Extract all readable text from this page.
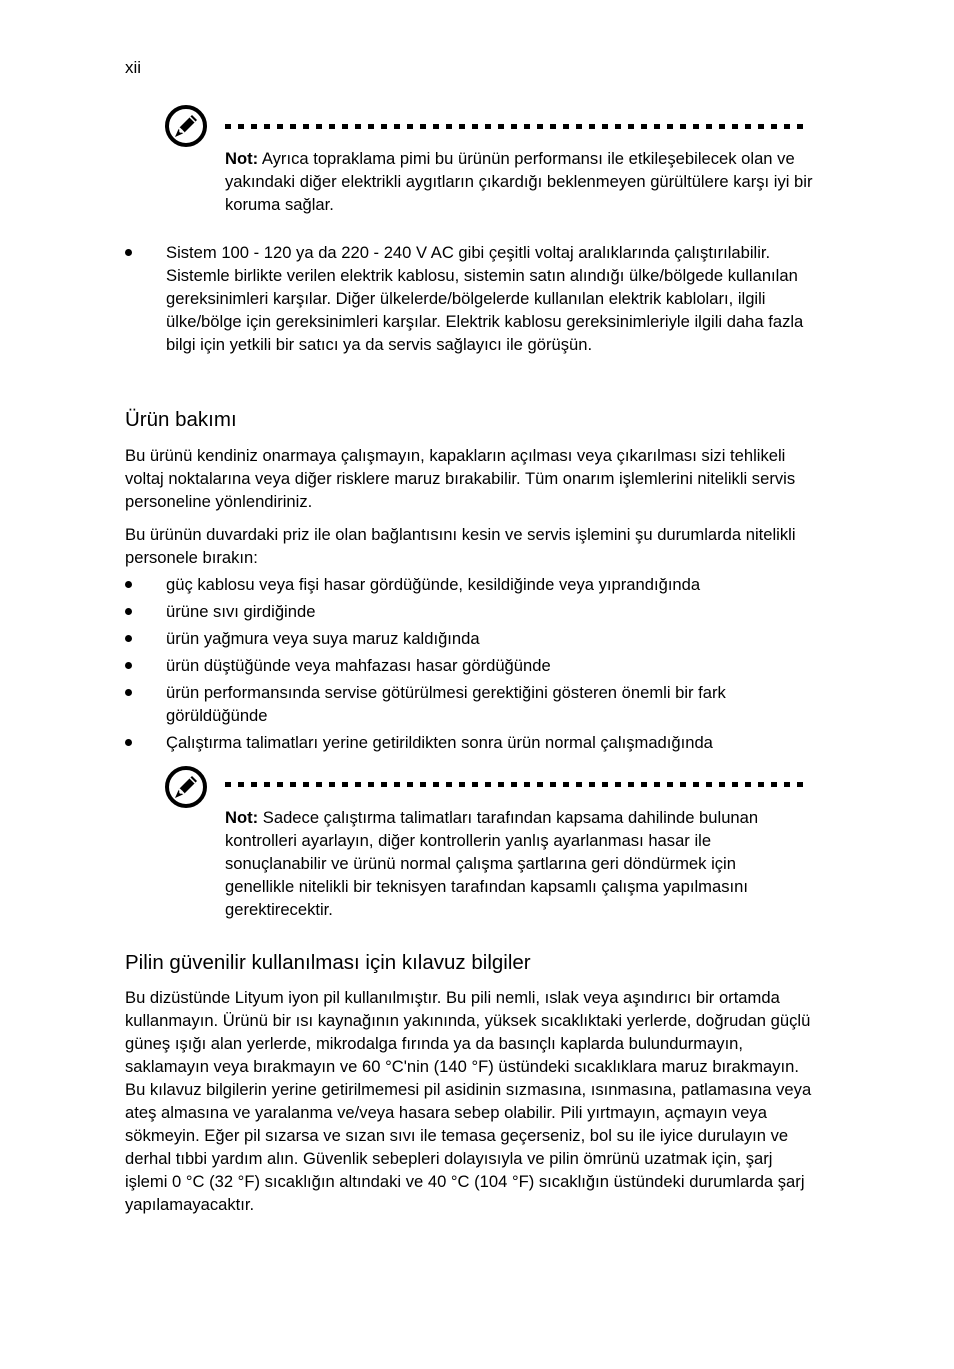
xii

Not: Ayrıca topraklama pimi bu ürünün performansı ile etkileşebilecek olan ve yakındaki diğer elektrikli aygıtların çıkardığı beklenmeyen gürültülere karşı iyi bir koruma sağlar.

Sistem 100 - 120 ya da 220 - 240 V AC gibi çeşitli voltaj aralıklarında çalıştırılabilir. Sistemle birlikte verilen elektrik kablosu, sistemin satın alındığı ülke/bölgede kullanılan gereksinimleri karşılar. Diğer ülkelerde/bölgelerde kullanılan elektrik kabloları, ilgili ülke/bölge için gereksinimleri karşılar. Elektrik kablosu gereksinimleriyle ilgili daha fazla bilgi için yetkili bir satıcı ya da servis sağlayıcı ile görüşün.
Ürün bakımı

Bu ürünü kendiniz onarmaya çalışmayın, kapakların açılması veya çıkarılması sizi tehlikeli voltaj noktalarına veya diğer risklere maruz bırakabilir. Tüm onarım işlemlerini nitelikli servis personeline yönlendiriniz.

Bu ürünün duvardaki priz ile olan bağlantısını kesin ve servis işlemini şu durumlarda nitelikli personele bırakın:

güç kablosu veya fişi hasar gördüğünde, kesildiğinde veya yıprandığında
ürüne sıvı girdiğinde
ürün yağmura veya suya maruz kaldığında
ürün düştüğünde veya mahfazası hasar gördüğünde
ürün performansında servise götürülmesi gerektiğini gösteren önemli bir fark görüldüğünde
Çalıştırma talimatları yerine getirildikten sonra ürün normal çalışmadığında

Not: Sadece çalıştırma talimatları tarafından kapsama dahilinde bulunan kontrolleri ayarlayın, diğer kontrollerin yanlış ayarlanması hasar ile sonuçlanabilir ve ürünü normal çalışma şartlarına geri döndürmek için genellikle nitelikli bir teknisyen tarafından kapsamlı çalışma yapılmasını gerektirecektir.

Pilin güvenilir kullanılması için kılavuz bilgiler

Bu dizüstünde Lityum iyon pil kullanılmıştır. Bu pili nemli, ıslak veya aşındırıcı bir ortamda kullanmayın. Ürünü bir ısı kaynağının yakınında, yüksek sıcaklıktaki yerlerde, doğrudan güçlü güneş ışığı alan yerlerde, mikrodalga fırında ya da basınçlı kaplarda bulundurmayın, saklamayın veya bırakmayın ve 60 °C'nin (140 °F) üstündeki sıcaklıklara maruz bırakmayın. Bu kılavuz bilgilerin yerine getirilmemesi pil asidinin sızmasına, ısınmasına, patlamasına veya ateş almasına ve yaralanma ve/veya hasara sebep olabilir. Pili yırtmayın, açmayın veya sökmeyin. Eğer pil sızarsa ve sızan sıvı ile temasa geçerseniz, bol su ile iyice durulayın ve derhal tıbbi yardım alın. Güvenlik sebepleri dolayısıyla ve pilin ömrünü uzatmak için, şarj işlemi 0 °C (32 °F) sıcaklığın altındaki ve 40 °C (104 °F) sıcaklığın üstündeki durumlarda şarj yapılamayacaktır.
